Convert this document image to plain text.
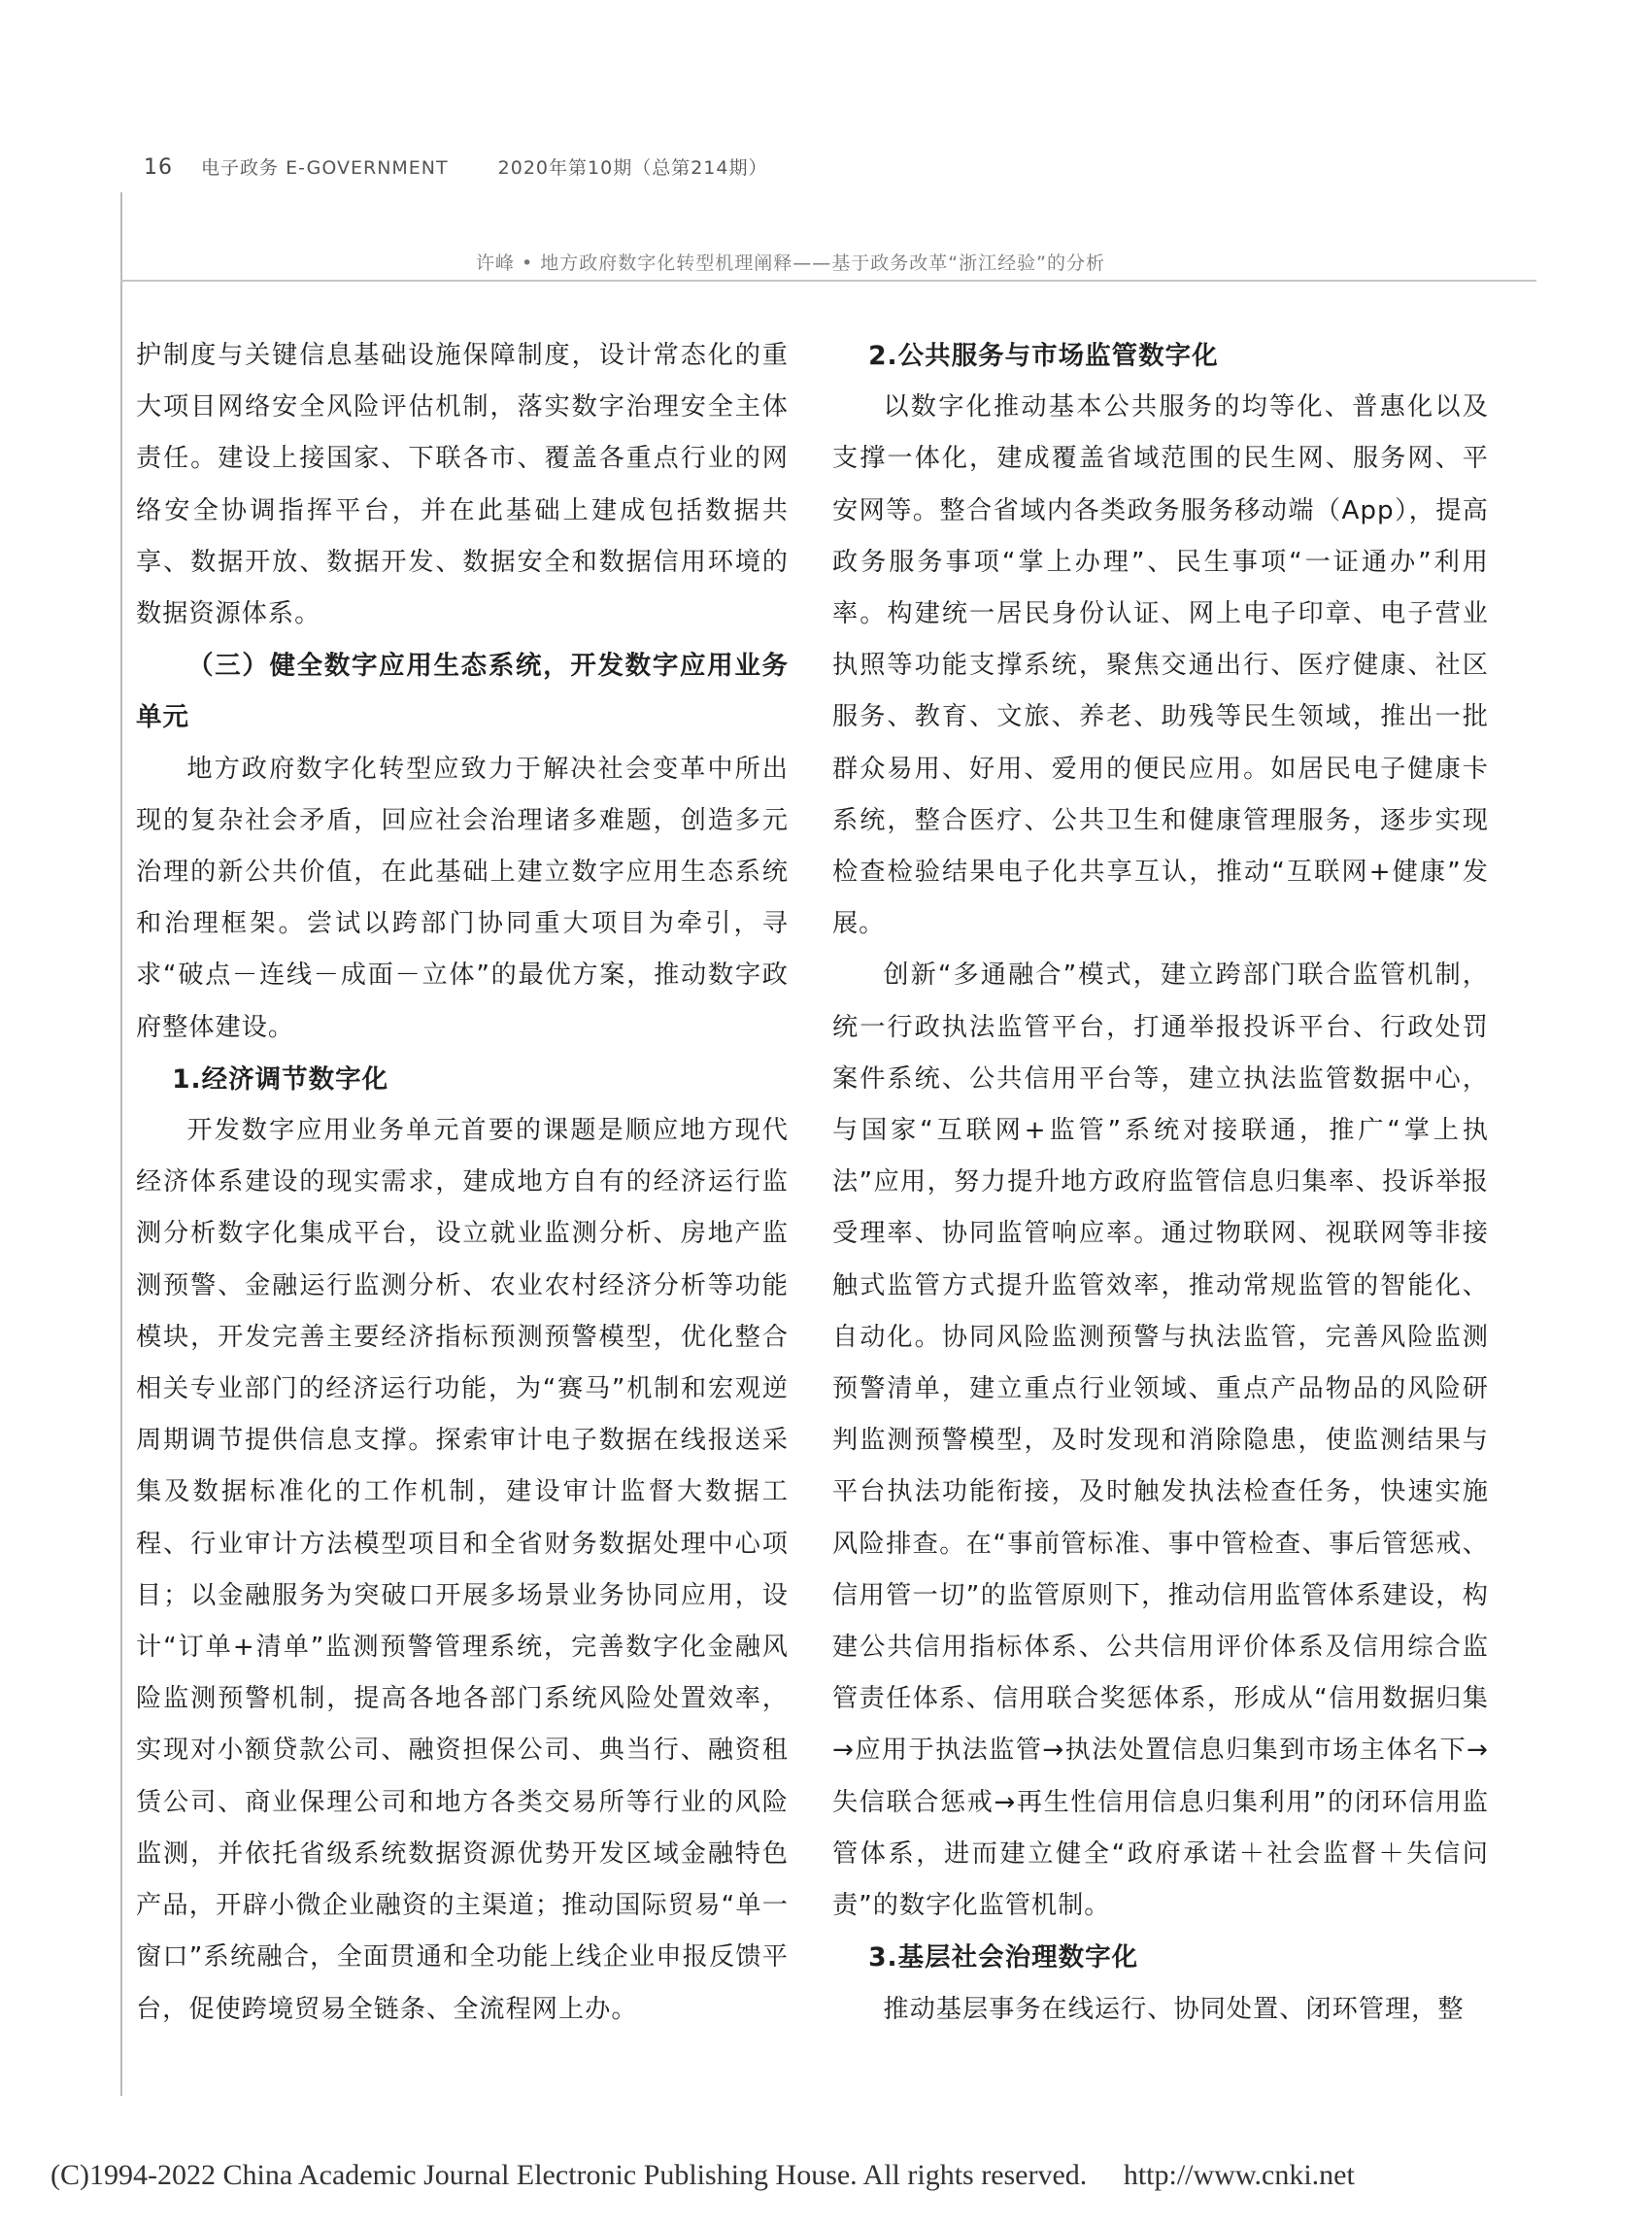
16 电子政务 E-GOVERNMENT	2020年第10期（总第214期）
许峰 • 地方政府数字化转型机理阐释——基于政务改革“浙江经验”的分析

护制度与关键信息基础设施保障制度，设计常态化的重大项目网络安全风险评估机制，落实数字治理安全主体责任。建设上接国家、下联各市、覆盖各重点行业的网络安全协调指挥平台，并在此基础上建成包括数据共享、数据开放、数据开发、数据安全和数据信用环境的数据资源体系。

（三）健全数字应用生态系统，开发数字应用业务单元

地方政府数字化转型应致力于解决社会变革中所出现的复杂社会矛盾，回应社会治理诸多难题，创造多元治理的新公共价值，在此基础上建立数字应用生态系统和治理框架。尝试以跨部门协同重大项目为牵引，寻求“破点－连线－成面－立体”的最优方案，推动数字政府整体建设。

1.经济调节数字化

开发数字应用业务单元首要的课题是顺应地方现代经济体系建设的现实需求，建成地方自有的经济运行监测分析数字化集成平台，设立就业监测分析、房地产监测预警、金融运行监测分析、农业农村经济分析等功能模块，开发完善主要经济指标预测预警模型，优化整合相关专业部门的经济运行功能，为“赛马”机制和宏观逆周期调节提供信息支撑。探索审计电子数据在线报送采集及数据标准化的工作机制，建设审计监督大数据工程、行业审计方法模型项目和全省财务数据处理中心项目；以金融服务为突破口开展多场景业务协同应用，设计“订单+清单”监测预警管理系统，完善数字化金融风险监测预警机制，提高各地各部门系统风险处置效率，实现对小额贷款公司、融资担保公司、典当行、融资租赁公司、商业保理公司和地方各类交易所等行业的风险监测，并依托省级系统数据资源优势开发区域金融特色产品，开辟小微企业融资的主渠道；推动国际贸易“单一窗口”系统融合，全面贯通和全功能上线企业申报反馈平台，促使跨境贸易全链条、全流程网上办。

2.公共服务与市场监管数字化

以数字化推动基本公共服务的均等化、普惠化以及支撑一体化，建成覆盖省域范围的民生网、服务网、平安网等。整合省域内各类政务服务移动端（App），提高政务服务事项“掌上办理”、民生事项“一证通办”利用率。构建统一居民身份认证、网上电子印章、电子营业执照等功能支撑系统，聚焦交通出行、医疗健康、社区服务、教育、文旅、养老、助残等民生领域，推出一批群众易用、好用、爱用的便民应用。如居民电子健康卡系统，整合医疗、公共卫生和健康管理服务，逐步实现检查检验结果电子化共享互认，推动“互联网+健康”发展。

创新“多通融合”模式，建立跨部门联合监管机制，统一行政执法监管平台，打通举报投诉平台、行政处罚案件系统、公共信用平台等，建立执法监管数据中心，与国家“互联网+监管”系统对接联通，推广“掌上执法”应用，努力提升地方政府监管信息归集率、投诉举报受理率、协同监管响应率。通过物联网、视联网等非接触式监管方式提升监管效率，推动常规监管的智能化、自动化。协同风险监测预警与执法监管，完善风险监测预警清单，建立重点行业领域、重点产品物品的风险研判监测预警模型，及时发现和消除隐患，使监测结果与平台执法功能衔接，及时触发执法检查任务，快速实施风险排查。在“事前管标准、事中管检查、事后管惩戒、信用管一切”的监管原则下，推动信用监管体系建设，构建公共信用指标体系、公共信用评价体系及信用综合监管责任体系、信用联合奖惩体系，形成从“信用数据归集→应用于执法监管→执法处置信息归集到市场主体名下→失信联合惩戒→再生性信用信息归集利用”的闭环信用监管体系，进而建立健全“政府承诺＋社会监督＋失信问责”的数字化监管机制。

3.基层社会治理数字化

推动基层事务在线运行、协同处置、闭环管理，整

(C)1994-2022 China Academic Journal Electronic Publishing House. All rights reserved. http://www.cnki.net
